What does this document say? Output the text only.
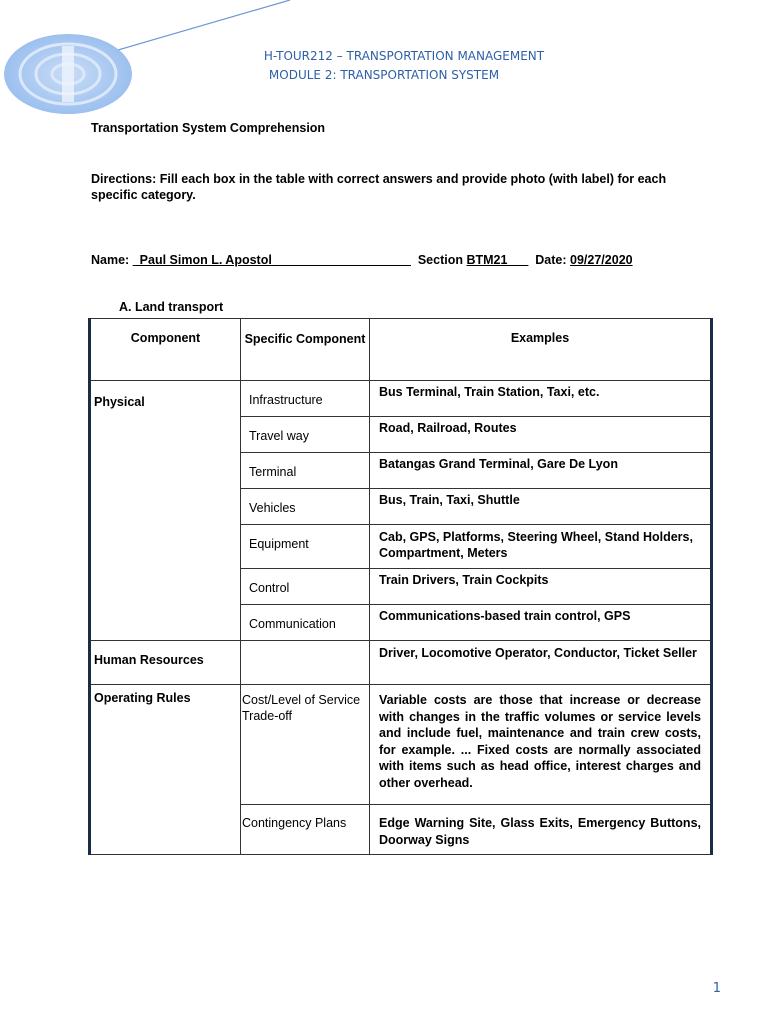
H-TOUR212 – TRANSPORTATION MANAGEMENT
MODULE 2: TRANSPORTATION SYSTEM
Transportation System Comprehension
Directions: Fill each box in the table with correct answers and provide photo (with label) for each specific category.
Name: _Paul Simon L. Apostol____________________ Section BTM21___ Date: 09/27/2020
A. Land transport
Component	Specific Component	Examples
Physical	Infrastructure	Bus Terminal, Train Station, Taxi, etc.
	Travel way	Road, Railroad, Routes
	Terminal	Batangas Grand Terminal, Gare De Lyon
	Vehicles	Bus, Train, Taxi, Shuttle
	Equipment	Cab, GPS, Platforms, Steering Wheel, Stand Holders, Compartment, Meters
	Control	Train Drivers, Train Cockpits
	Communication	Communications-based train control, GPS
Human Resources		Driver, Locomotive Operator, Conductor, Ticket Seller
Operating Rules	Cost/Level of Service Trade-off	Variable costs are those that increase or decrease with changes in the traffic volumes or service levels and include fuel, maintenance and train crew costs, for example. ... Fixed costs are normally associated with items such as head office, interest charges and other overhead.
	Contingency Plans	Edge Warning Site, Glass Exits, Emergency Buttons, Doorway Signs
1
